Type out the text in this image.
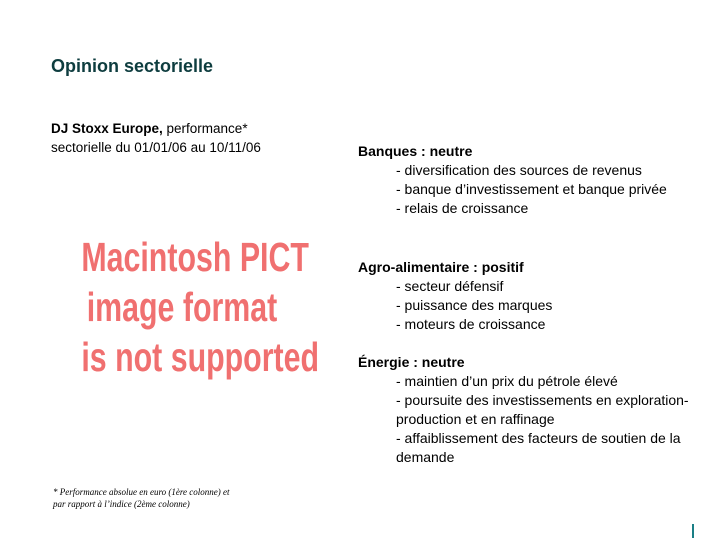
Opinion sectorielle
DJ Stoxx Europe, performance*
sectorielle du 01/01/06 au 10/11/06
Macintosh PICT
image format
is not supported
* Performance absolue en euro (1ère colonne) et
par rapport à l’indice (2ème colonne)
Banques : neutre
- diversification des sources de revenus
- banque d’investissement et banque privée
- relais de croissance
Agro-alimentaire : positif
- secteur défensif
- puissance des marques
- moteurs de croissance
Énergie : neutre
- maintien d’un prix du pétrole élevé
- poursuite des investissements en exploration-production et en raffinage
- affaiblissement des facteurs de soutien de la demande
